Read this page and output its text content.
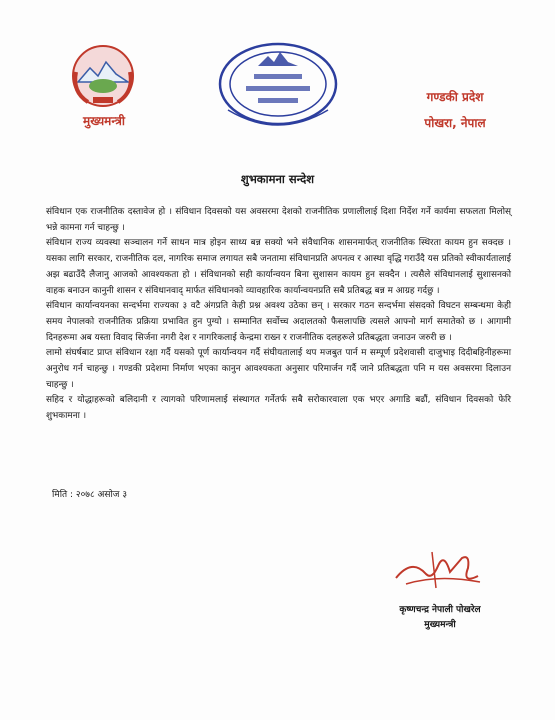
मुख्यमन्त्री
गण्डकी प्रदेश
पोखरा, नेपाल
शुभकामना सन्देश

संविधान एक राजनीतिक दस्तावेज हो । संविधान दिवसको यस अवसरमा देशको राजनीतिक प्रणालीलाई दिशा निर्देश गर्ने कार्यमा सफलता मिलोस् भन्ने कामना गर्न चाहन्छु ।

संविधान राज्य व्यवस्था सञ्चालन गर्ने साधन मात्र होइन साध्य बन्न सक्यो भने संवैधानिक शासनमार्फत् राजनीतिक स्थिरता कायम हुन सक्दछ । यसका लागि सरकार, राजनीतिक दल, नागरिक समाज लगायत सबै जनतामा संविधानप्रति अपनत्व र आस्था वृद्धि गराउँदै यस प्रतिको स्वीकार्यतालाई अझ बढाउँदै लैजानु आजको आवश्यकता हो । संविधानको सही कार्यान्वयन बिना सुशासन कायम हुन सक्दैन । त्यसैले संविधानलाई सुशासनको वाहक बनाउन कानुनी शासन र संविधानवाद् मार्फत संविधानको व्यावहारिक कार्यान्वयनप्रति सबै प्रतिबद्ध बन्न म आग्रह गर्दछु ।

संविधान कार्यान्वयनका सन्दर्भमा राज्यका ३ वटै अंगप्रति केही प्रश्न अवश्य उठेका छन् । सरकार गठन सन्दर्भमा संसदको विघटन सम्बन्धमा केही समय नेपालको राजनीतिक प्रक्रिया प्रभावित हुन पुग्यो । सम्मानित सर्वोच्च अदालतको फैसलापछि त्यसले आफ्नो मार्ग समातेको छ । आगामी दिनहरूमा अब यस्ता विवाद सिर्जना नगरी देश र नागरिकलाई केन्द्रमा राख्न र राजनीतिक दलहरूले प्रतिबद्धता जनाउन जरुरी छ ।

लामो संघर्षबाट प्राप्त संविधान रक्षा गर्दै यसको पूर्ण कार्यान्वयन गर्दै संघीयतालाई थप मजबुत पार्न म सम्पूर्ण प्रदेशवासी दाजुभाइ दिदीबहिनीहरूमा अनुरोध गर्न चाहन्छु । गण्डकी प्रदेशमा निर्माण भएका कानुन आवश्यकता अनुसार परिमार्जन गर्दै जाने प्रतिबद्धता पनि म यस अवसरमा दिलाउन चाहन्छु ।

सहिद र योद्धाहरूको बलिदानी र त्यागको परिणामलाई संस्थागत गर्नेतर्फ सबै सरोकारवाला एक भएर अगाडि बढौं, संविधान दिवसको फेरि शुभकामना ।

मिति : २०७८ असोज ३
कृष्णचन्द्र नेपाली पोखरेल
मुख्यमन्त्री
